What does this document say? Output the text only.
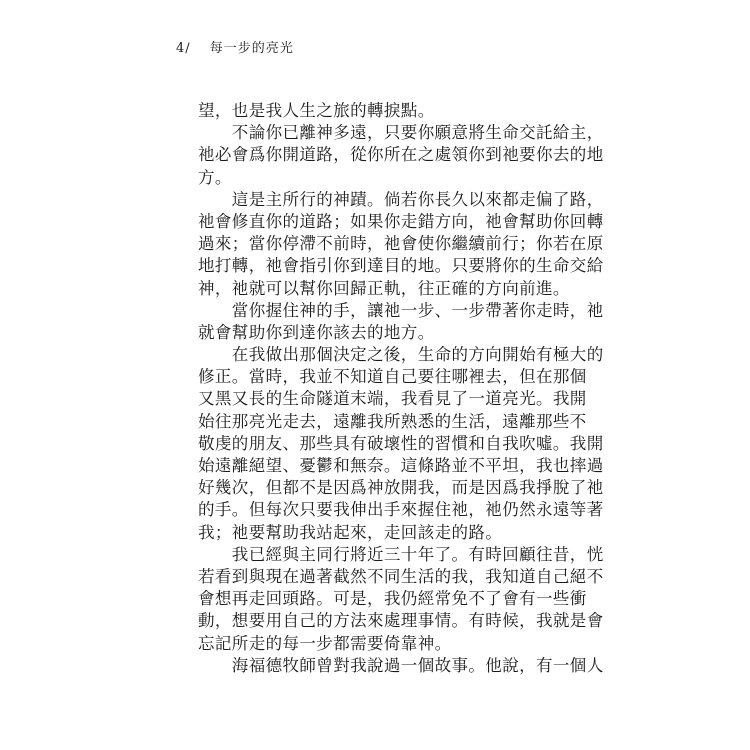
4/ 每一步的亮光
望，也是我人生之旅的轉捩點。
　　不論你已離神多遠，只要你願意將生命交託給主，
祂必會爲你開道路，從你所在之處領你到祂要你去的地
方。
　　這是主所行的神蹟。倘若你長久以來都走偏了路，
祂會修直你的道路；如果你走錯方向，祂會幫助你回轉
過來；當你停滯不前時，祂會使你繼續前行；你若在原
地打轉，祂會指引你到達目的地。只要將你的生命交給
神，祂就可以幫你回歸正軌，往正確的方向前進。
　　當你握住神的手，讓祂一步、一步帶著你走時，祂
就會幫助你到達你該去的地方。
　　在我做出那個決定之後，生命的方向開始有極大的
修正。當時，我並不知道自己要往哪裡去，但在那個
又黑又長的生命隧道末端，我看見了一道亮光。我開
始往那亮光走去，遠離我所熟悉的生活，遠離那些不
敬虔的朋友、那些具有破壞性的習慣和自我吹噓。我開
始遠離絕望、憂鬱和無奈。這條路並不平坦，我也摔過
好幾次，但都不是因爲神放開我，而是因爲我掙脫了祂
的手。但每次只要我伸出手來握住祂，祂仍然永遠等著
我；祂要幫助我站起來，走回該走的路。
　　我已經與主同行將近三十年了。有時回顧往昔，恍
若看到與現在過著截然不同生活的我，我知道自己絕不
會想再走回頭路。可是，我仍經常免不了會有一些衝
動，想要用自己的方法來處理事情。有時候，我就是會
忘記所走的每一步都需要倚靠神。
　　海福德牧師曾對我說過一個故事。他說，有一個人
